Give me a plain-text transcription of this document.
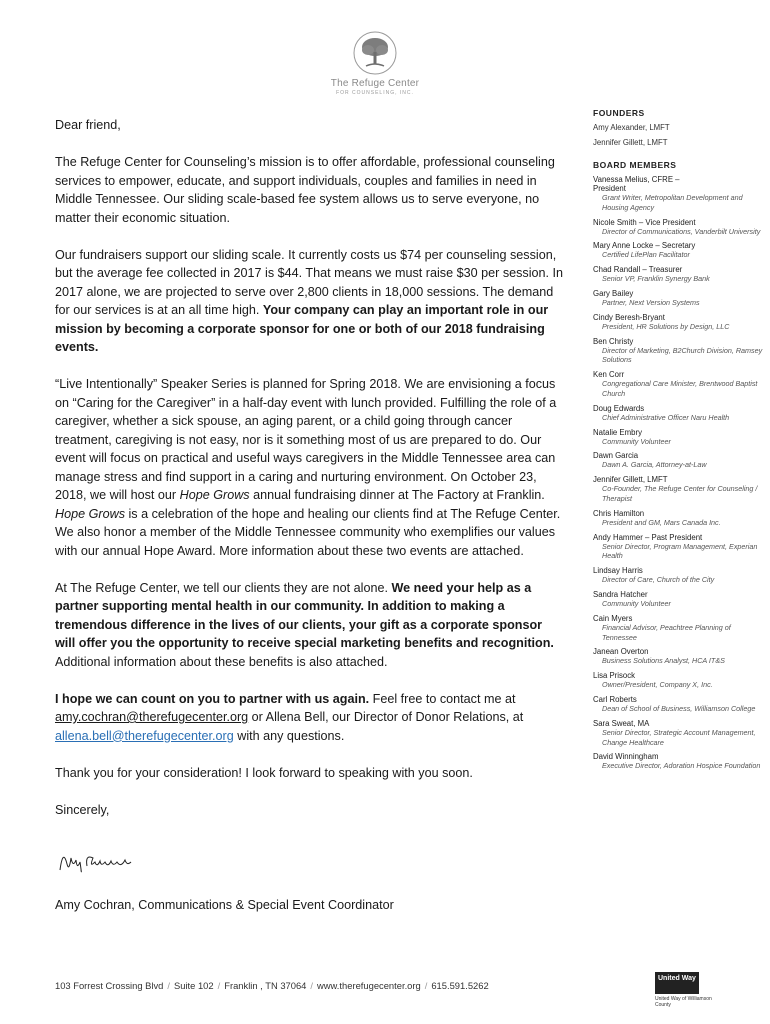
The Refuge Center
FOR COUNSELING, INC.

Dear friend,

The Refuge Center for Counseling’s mission is to offer affordable, professional counseling services to empower, educate, and support individuals, couples and families in need in Middle Tennessee. Our sliding scale-based fee system allows us to serve everyone, no matter their economic situation.

Our fundraisers support our sliding scale. It currently costs us $74 per counseling session, but the average fee collected in 2017 is $44. That means we must raise $30 per session. In 2017 alone, we are projected to serve over 2,800 clients in 18,000 sessions. The demand for our services is at an all time high. Your company can play an important role in our mission by becoming a corporate sponsor for one or both of our 2018 fundraising events.

“Live Intentionally” Speaker Series is planned for Spring 2018. We are envisioning a focus on “Caring for the Caregiver” in a half-day event with lunch provided. Fulfilling the role of a caregiver, whether a sick spouse, an aging parent, or a child going through cancer treatment, caregiving is not easy, nor is it something most of us are prepared to do. Our event will focus on practical and useful ways caregivers in the Middle Tennessee area can manage stress and find support in a caring and nurturing environment. On October 23, 2018, we will host our Hope Grows annual fundraising dinner at The Factory at Franklin. Hope Grows is a celebration of the hope and healing our clients find at The Refuge Center. We also honor a member of the Middle Tennessee community who exemplifies our values with our annual Hope Award. More information about these two events are attached.

At The Refuge Center, we tell our clients they are not alone. We need your help as a partner supporting mental health in our community. In addition to making a tremendous difference in the lives of our clients, your gift as a corporate sponsor will offer you the opportunity to receive special marketing benefits and recognition. Additional information about these benefits is also attached.

I hope we can count on you to partner with us again. Feel free to contact me at amy.cochran@therefugecenter.org or Allena Bell, our Director of Donor Relations, at allena.bell@therefugecenter.org with any questions.

Thank you for your consideration! I look forward to speaking with you soon.

Sincerely,

Amy Cochran, Communications & Special Event Coordinator
FOUNDERS
Amy Alexander, LMFT
Jennifer Gillett, LMFT
BOARD MEMBERS
Vanessa Melius, CFRE –
President
Grant Writer, Metropolitan Development and Housing Agency
Nicole Smith – Vice President
Director of Communications, Vanderbilt University
Mary Anne Locke – Secretary
Certified LifePlan Facilitator
Chad Randall – Treasurer
Senior VP, Franklin Synergy Bank
Gary Bailey
Partner, Next Version Systems
Cindy Beresh-Bryant
President, HR Solutions by Design, LLC
Ben Christy
Director of Marketing, B2Church Division, Ramsey Solutions
Ken Corr
Congregational Care Minister, Brentwood Baptist Church
Doug Edwards
Chief Administrative Officer Naru Health
Natalie Embry
Community Volunteer
Dawn Garcia
Dawn A. Garcia, Attorney-at-Law
Jennifer Gillett, LMFT
Co-Founder, The Refuge Center for Counseling / Therapist
Chris Hamilton
President and GM, Mars Canada Inc.
Andy Hammer – Past President
Senior Director, Program Management, Experian Health
Lindsay Harris
Director of Care, Church of the City
Sandra Hatcher
Community Volunteer
Cain Myers
Financial Advisor, Peachtree Planning of Tennessee
Janean Overton
Business Solutions Analyst, HCA IT&S
Lisa Prisock
Owner/President, Company X, Inc.
Carl Roberts
Dean of School of Business, Williamson College
Sara Sweat, MA
Senior Director, Strategic Account Management, Change Healthcare
David Winningham
Executive Director, Adoration Hospice Foundation
103 Forrest Crossing Blvd / Suite 102 / Franklin , TN 37064 / www.therefugecenter.org / 615.591.5262
United Way
United Way of Williamson County
